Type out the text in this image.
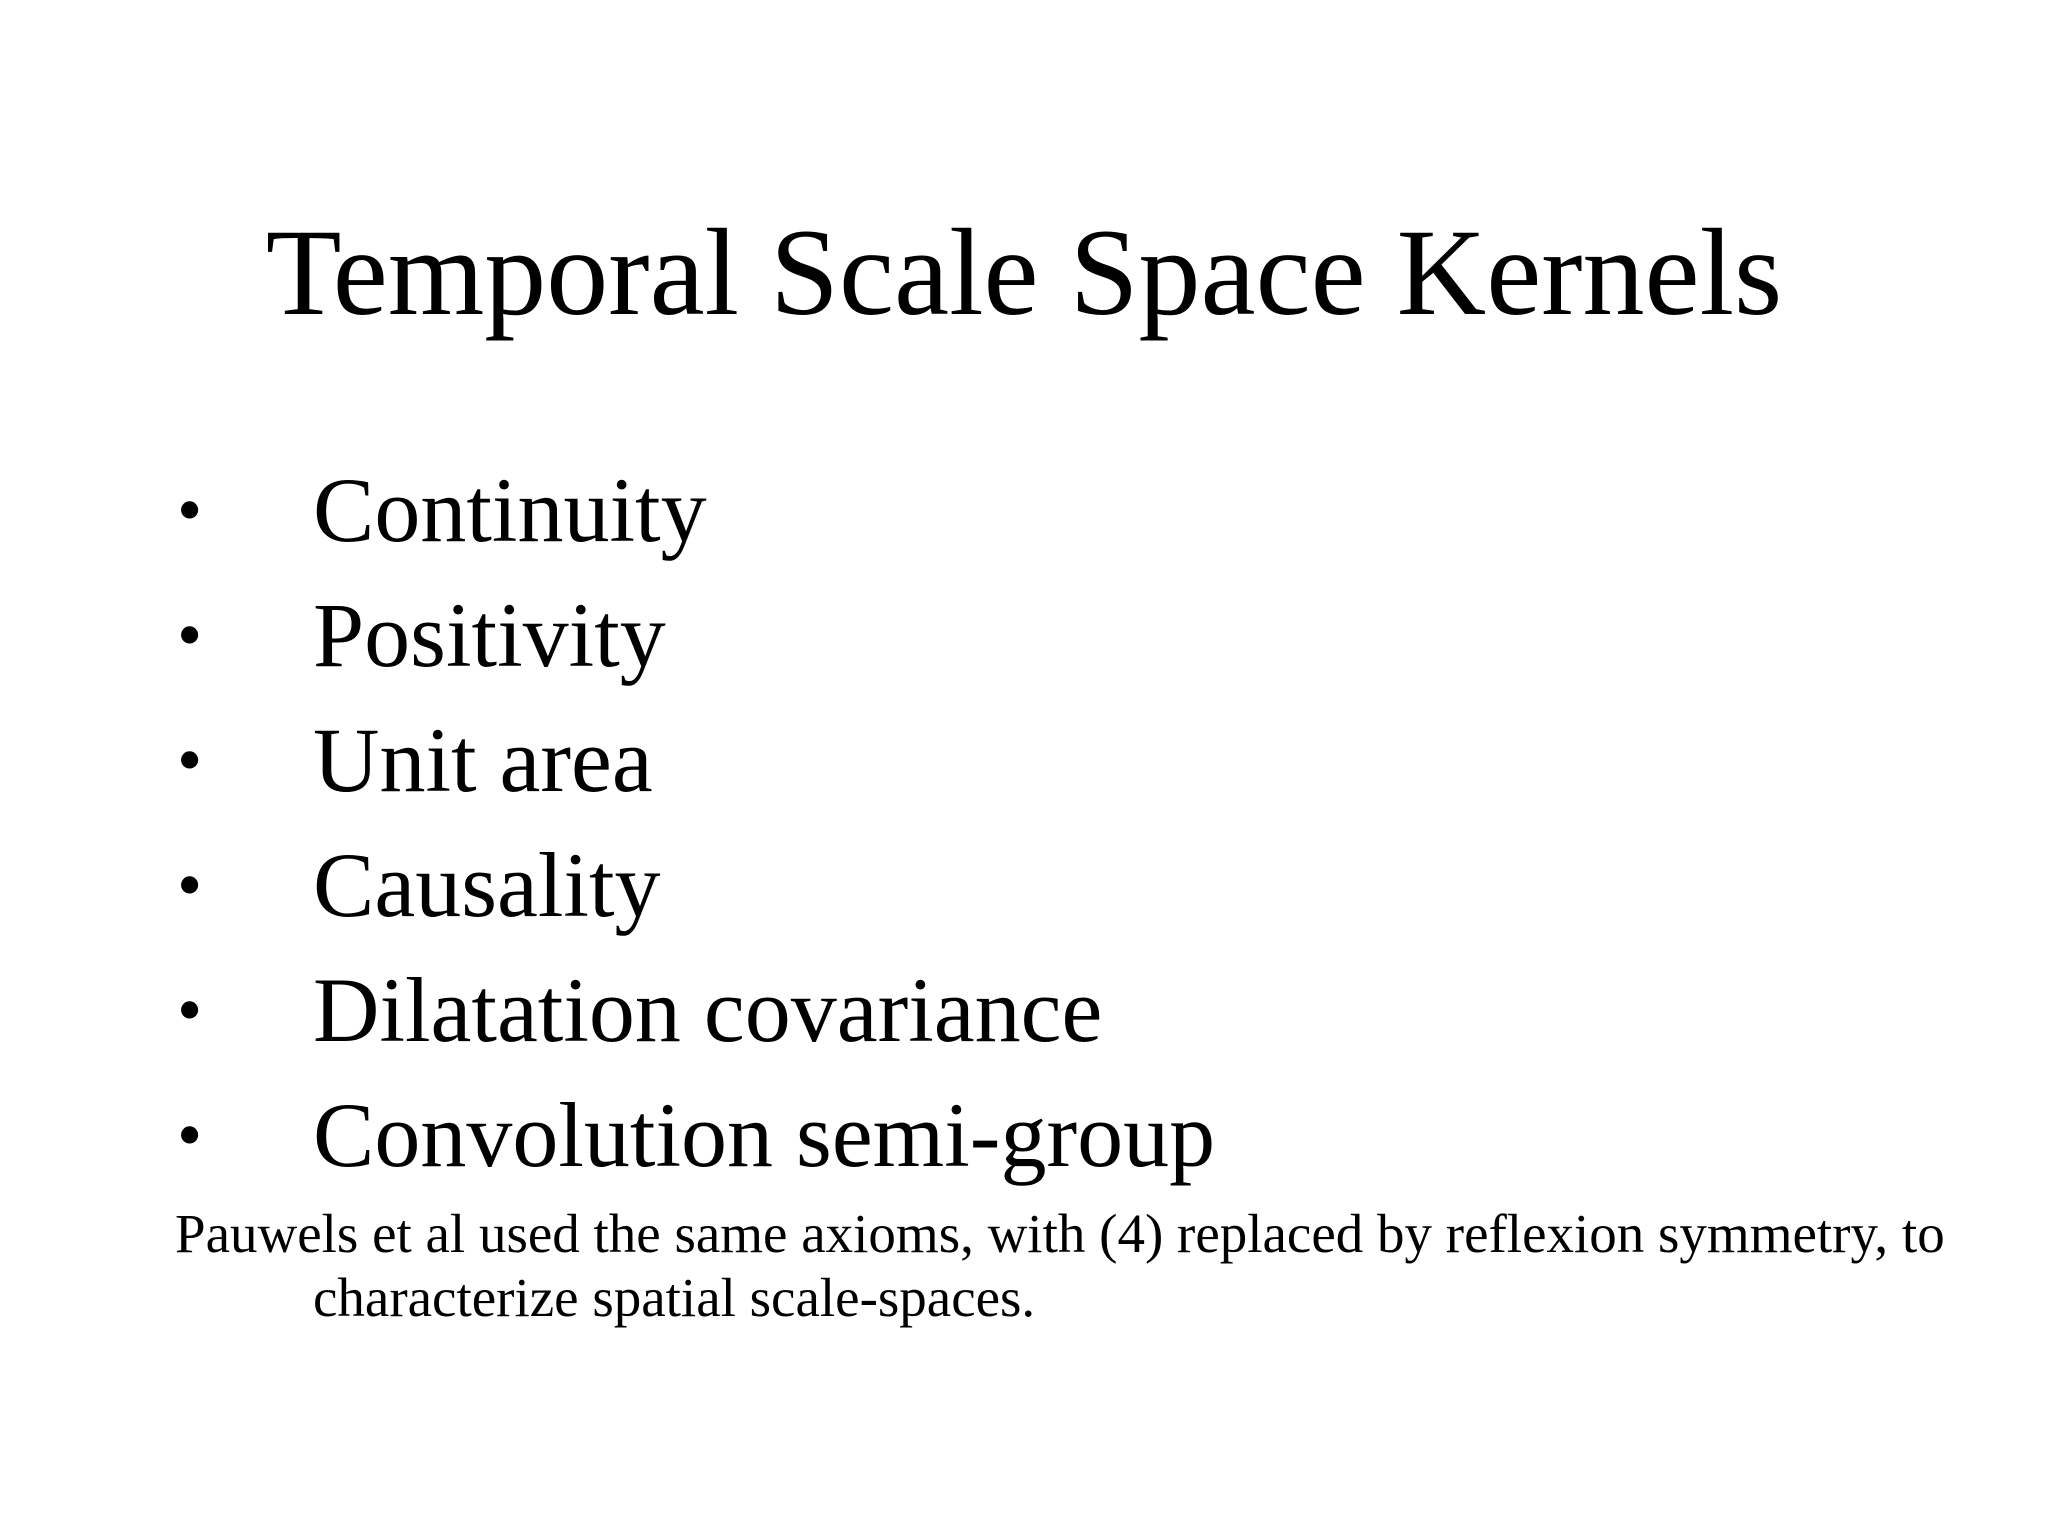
Temporal Scale Space Kernels
• Continuity
• Positivity
• Unit area
• Causality
• Dilatation covariance
• Convolution semi-group
Pauwels et al used the same axioms, with (4) replaced by reflexion symmetry, to characterize spatial scale-spaces.
